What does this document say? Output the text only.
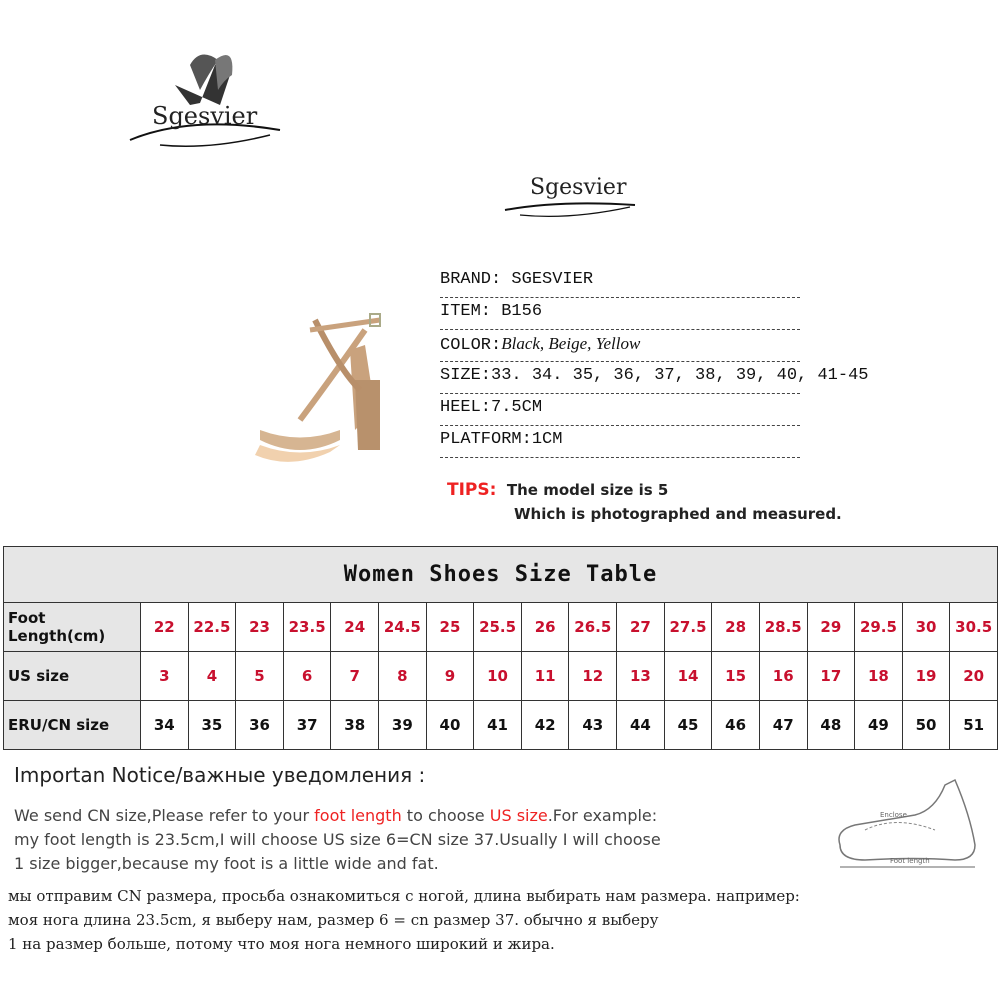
Sgesvier
Sgesvier
BRAND: SGESVIER
ITEM: B156
COLOR:Black, Beige, Yellow
SIZE:33. 34. 35, 36, 37, 38, 39, 40, 41-45
HEEL:7.5CM
PLATFORM:1CM
TIPS: The model size is 5
Which is photographed and measured.
Women Shoes Size Table																		
Foot Length(cm)	22	22.5	23	23.5	24	24.5	25	25.5	26	26.5	27	27.5	28	28.5	29	29.5	30	30.5
US size	3	4	5	6	7	8	9	10	11	12	13	14	15	16	17	18	19	20
ERU/CN size	34	35	36	37	38	39	40	41	42	43	44	45	46	47	48	49	50	51
Importan Notice/важные уведомления :
We send CN size,Please refer to your foot length to choose US size.For example:
my foot length is 23.5cm,I will choose US size 6=CN size 37.Usually I will choose
1 size bigger,because my foot is a little wide and fat.
мы отправим CN размера, просьба ознакомиться с ногой, длина выбирать нам размера. например:
моя нога длина 23.5cm, я выберу нам, размер 6 = cn размер 37. обычно я выберу
1 на размер больше, потому что моя нога немного широкий и жира.
Enclose
Foot length
